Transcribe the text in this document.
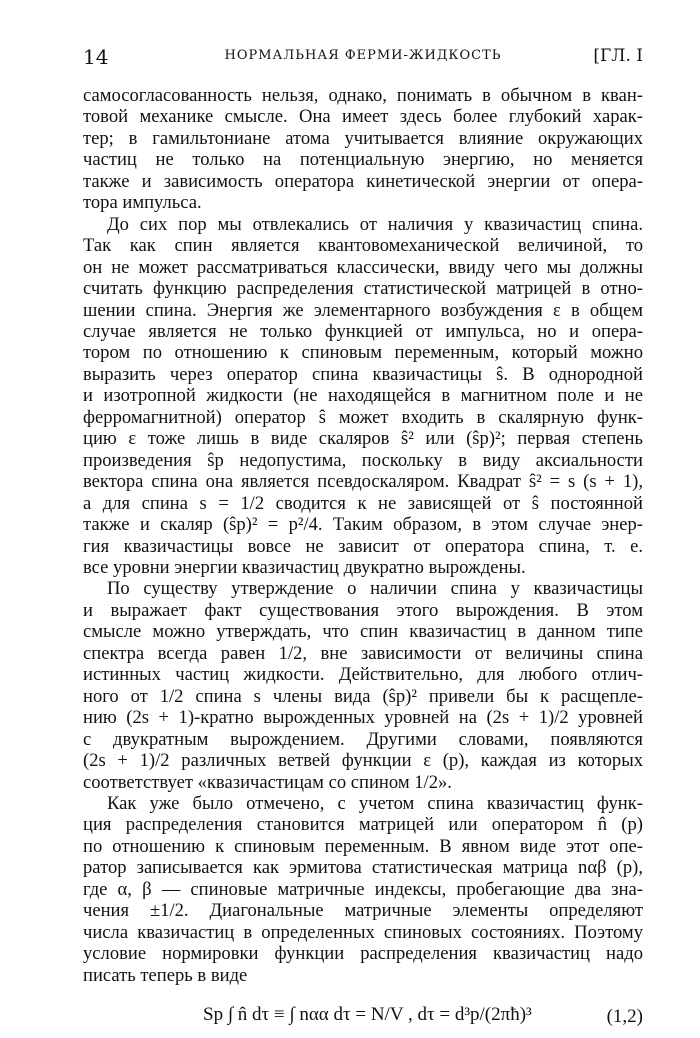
14	НОРМАЛЬНАЯ ФЕРМИ-ЖИДКОСТЬ	[ГЛ. I
самосогласованность нельзя, однако, понимать в обычном в кван-
товой механике смысле. Она имеет здесь более глубокий харак-
тер; в гамильтониане атома учитывается влияние окружающих
частиц не только на потенциальную энергию, но меняется
также и зависимость оператора кинетической энергии от опера-
тора импульса.
До сих пор мы отвлекались от наличия у квазичастиц спина.
Так как спин является квантовомеханической величиной, то
он не может рассматриваться классически, ввиду чего мы должны
считать функцию распределения статистической матрицей в отно-
шении спина. Энергия же элементарного возбуждения ε в общем
случае является не только функцией от импульса, но и опера-
тором по отношению к спиновым переменным, который можно
выразить через оператор спина квазичастицы ŝ. В однородной
и изотропной жидкости (не находящейся в магнитном поле и не
ферромагнитной) оператор ŝ может входить в скалярную функ-
цию ε тоже лишь в виде скаляров ŝ² или (ŝp)²; первая степень
произведения ŝp недопустима, поскольку в виду аксиальности
вектора спина она является псевдоскаляром. Квадрат ŝ² = s (s + 1),
а для спина s = 1/2 сводится к не зависящей от ŝ постоянной
также и скаляр (ŝp)² = p²/4. Таким образом, в этом случае энер-
гия квазичастицы вовсе не зависит от оператора спина, т. е.
все уровни энергии квазичастиц двукратно вырождены.
По существу утверждение о наличии спина у квазичастицы
и выражает факт существования этого вырождения. В этом
смысле можно утверждать, что спин квазичастиц в данном типе
спектра всегда равен 1/2, вне зависимости от величины спина
истинных частиц жидкости. Действительно, для любого отлич-
ного от 1/2 спина s члены вида (ŝp)² привели бы к расщепле-
нию (2s + 1)-кратно вырожденных уровней на (2s + 1)/2 уровней
с двукратным вырождением. Другими словами, появляются
(2s + 1)/2 различных ветвей функции ε (p), каждая из которых
соответствует «квазичастицам со спином 1/2».
Как уже было отмечено, с учетом спина квазичастиц функ-
ция распределения становится матрицей или оператором n̂ (p)
по отношению к спиновым переменным. В явном виде этот опе-
ратор записывается как эрмитова статистическая матрица nαβ (p),
где α, β — спиновые матричные индексы, пробегающие два зна-
чения ±1/2. Диагональные матричные элементы определяют
числа квазичастиц в определенных спиновых состояниях. Поэтому
условие нормировки функции распределения квазичастиц надо
писать теперь в виде
Sp ∫ n̂ dτ ≡ ∫ nαα dτ = N/V , dτ = d³p/(2πħ)³	(1,2)
